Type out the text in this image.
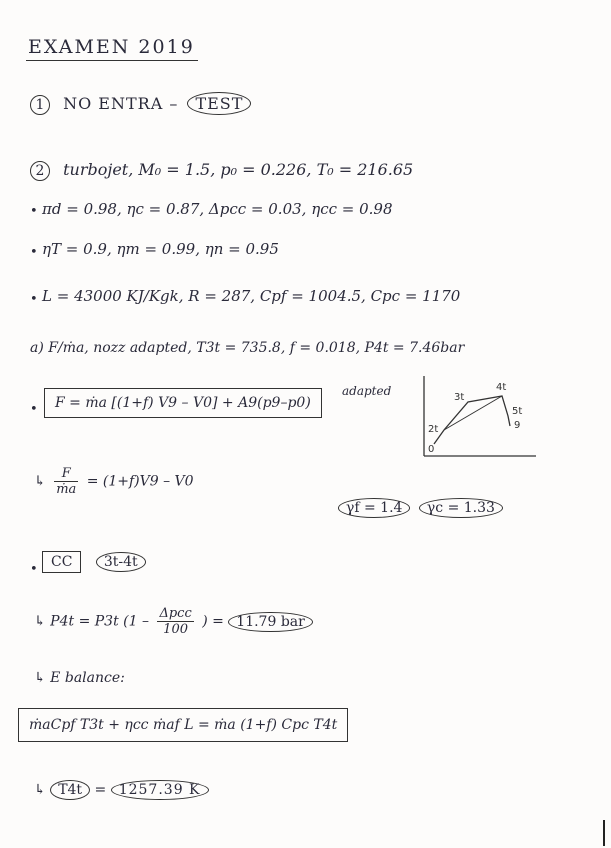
EXAMEN 2019
1 NO ENTRA – TEST
2 turbojet, M₀ = 1.5, p₀ = 0.226, T₀ = 216.65
• πd = 0.98, ηc = 0.87, Δpcc = 0.03, ηcc = 0.98
• ηT = 0.9, ηm = 0.99, ηn = 0.95
• L = 43000 KJ/Kgk, R = 287, Cpf = 1004.5, Cpc = 1170
a) F/ṁa, nozz adapted, T3t = 735.8, f = 0.018, P4t = 7.46bar
•	F = ṁa [(1+f) V9 – V0] + A9(p9–p0)
adapted	3t
4t
5t
9
2t
0
↳ $\frac{F}{\text{ṁa}} = (1+f)V9 - V0$
γf = 1.4 γc = 1.33
• CC 3t-4t
↳ P4t = P3t ($1 - \frac{\text{Δpcc}}{100}$ ) = 11.79 bar
↳ E balance:
ṁaCpf T3t + ηcc ṁaf L = ṁa (1+f) Cpc T4t
↳ T4t = 1257.39 K
